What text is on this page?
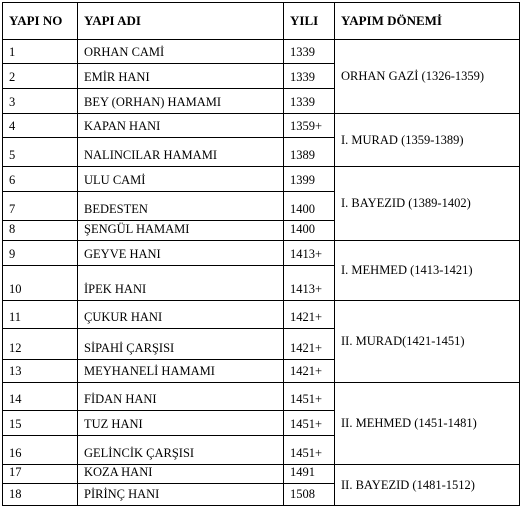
YAPI NO	YAPI ADI	YILI	YAPIM DÖNEMİ
1	ORHAN CAMİ	1339	ORHAN GAZİ (1326-1359)
2	EMİR HANI	1339	
3	BEY (ORHAN) HAMAMI	1339	
4	KAPAN HANI	1359+	I. MURAD (1359-1389)
5	NALINCILAR HAMAMI	1389	
6	ULU CAMİ	1399	I. BAYEZID (1389-1402)
7	BEDESTEN	1400	
8	ŞENGÜL HAMAMI	1400	
9	GEYVE HANI	1413+	I. MEHMED (1413-1421)
10	İPEK HANI	1413+	
11	ÇUKUR HANI	1421+	II. MURAD(1421-1451)
12	SİPAHİ ÇARŞISI	1421+	
13	MEYHANELİ HAMAMI	1421+	
14	FİDAN HANI	1451+	II. MEHMED (1451-1481)
15	TUZ HANI	1451+	
16	GELİNCİK ÇARŞISI	1451+	
17	KOZA HANI	1491	II. BAYEZID (1481-1512)
18	PİRİNÇ HANI	1508	
